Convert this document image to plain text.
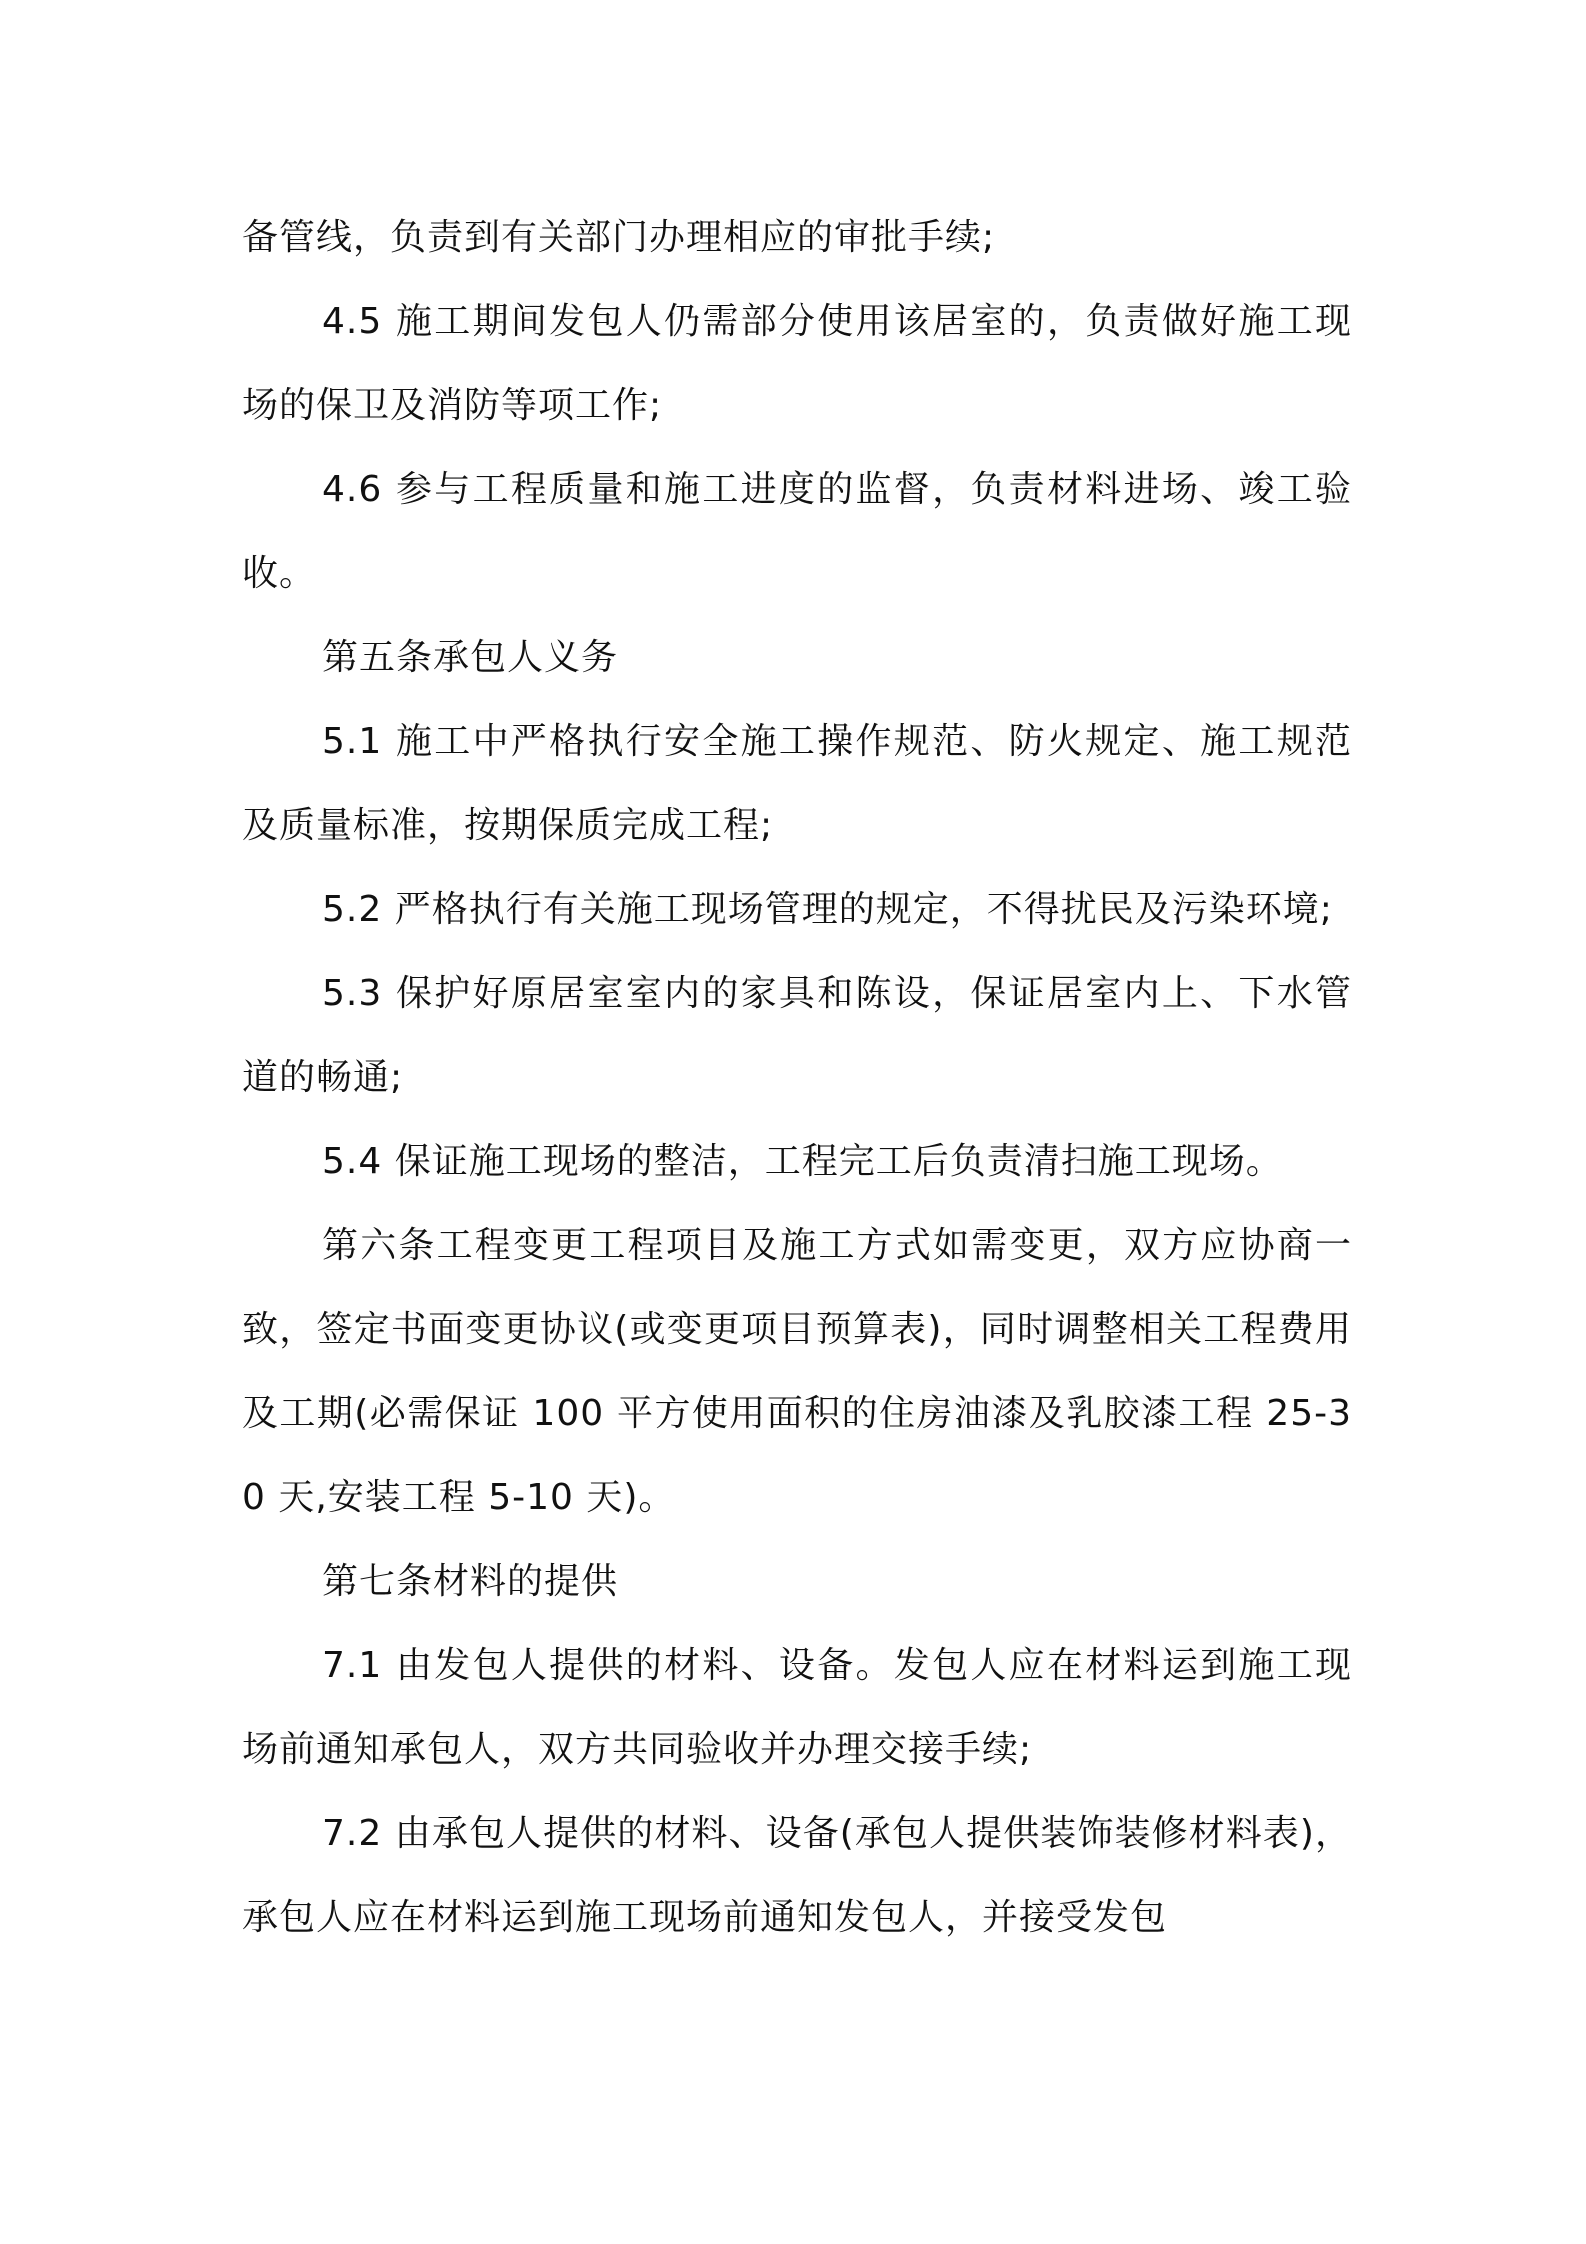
备管线，负责到有关部门办理相应的审批手续;

4.5 施工期间发包人仍需部分使用该居室的，负责做好施工现场的保卫及消防等项工作;

4.6 参与工程质量和施工进度的监督，负责材料进场、竣工验收。

第五条承包人义务

5.1 施工中严格执行安全施工操作规范、防火规定、施工规范及质量标准，按期保质完成工程;

5.2 严格执行有关施工现场管理的规定，不得扰民及污染环境;

5.3 保护好原居室室内的家具和陈设，保证居室内上、下水管道的畅通;

5.4 保证施工现场的整洁，工程完工后负责清扫施工现场。

第六条工程变更工程项目及施工方式如需变更，双方应协商一致，签定书面变更协议(或变更项目预算表)，同时调整相关工程费用及工期(必需保证 100 平方使用面积的住房油漆及乳胶漆工程 25-30 天,安装工程 5-10 天)。

第七条材料的提供

7.1 由发包人提供的材料、设备。发包人应在材料运到施工现场前通知承包人，双方共同验收并办理交接手续;

7.2 由承包人提供的材料、设备(承包人提供装饰装修材料表)，承包人应在材料运到施工现场前通知发包人，并接受发包
